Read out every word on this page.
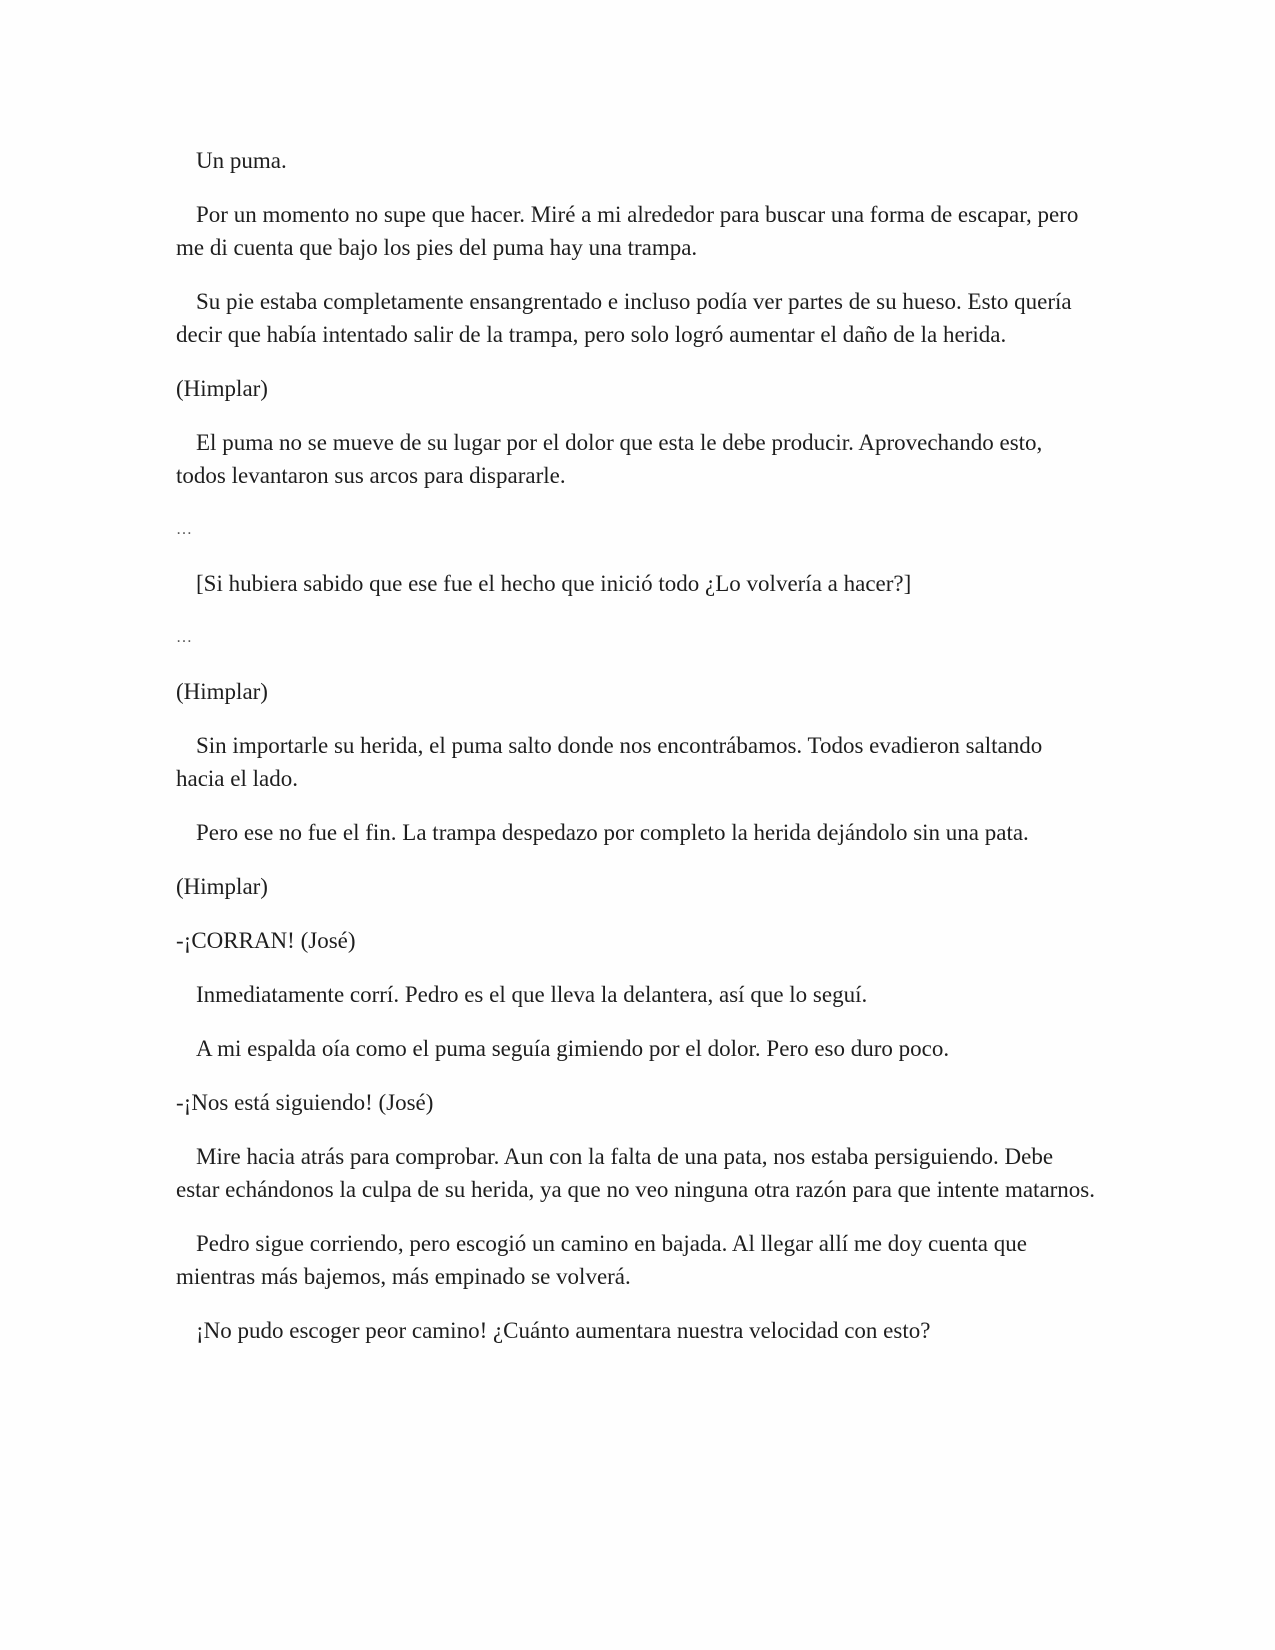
Un puma.

Por un momento no supe que hacer. Miré a mi alrededor para buscar una forma de escapar, pero me di cuenta que bajo los pies del puma hay una trampa.

Su pie estaba completamente ensangrentado e incluso podía ver partes de su hueso. Esto quería decir que había intentado salir de la trampa, pero solo logró aumentar el daño de la herida.

(Himplar)

El puma no se mueve de su lugar por el dolor que esta le debe producir. Aprovechando esto, todos levantaron sus arcos para dispararle.

…

[Si hubiera sabido que ese fue el hecho que inició todo ¿Lo volvería a hacer?]

…

(Himplar)

Sin importarle su herida, el puma salto donde nos encontrábamos. Todos evadieron saltando hacia el lado.

Pero ese no fue el fin. La trampa despedazo por completo la herida dejándolo sin una pata.

(Himplar)

-¡CORRAN! (José)

Inmediatamente corrí. Pedro es el que lleva la delantera, así que lo seguí.

A mi espalda oía como el puma seguía gimiendo por el dolor. Pero eso duro poco.

-¡Nos está siguiendo! (José)

Mire hacia atrás para comprobar. Aun con la falta de una pata, nos estaba persiguiendo. Debe estar echándonos la culpa de su herida, ya que no veo ninguna otra razón para que intente matarnos.

Pedro sigue corriendo, pero escogió un camino en bajada. Al llegar allí me doy cuenta que mientras más bajemos, más empinado se volverá.

¡No pudo escoger peor camino! ¿Cuánto aumentara nuestra velocidad con esto?
